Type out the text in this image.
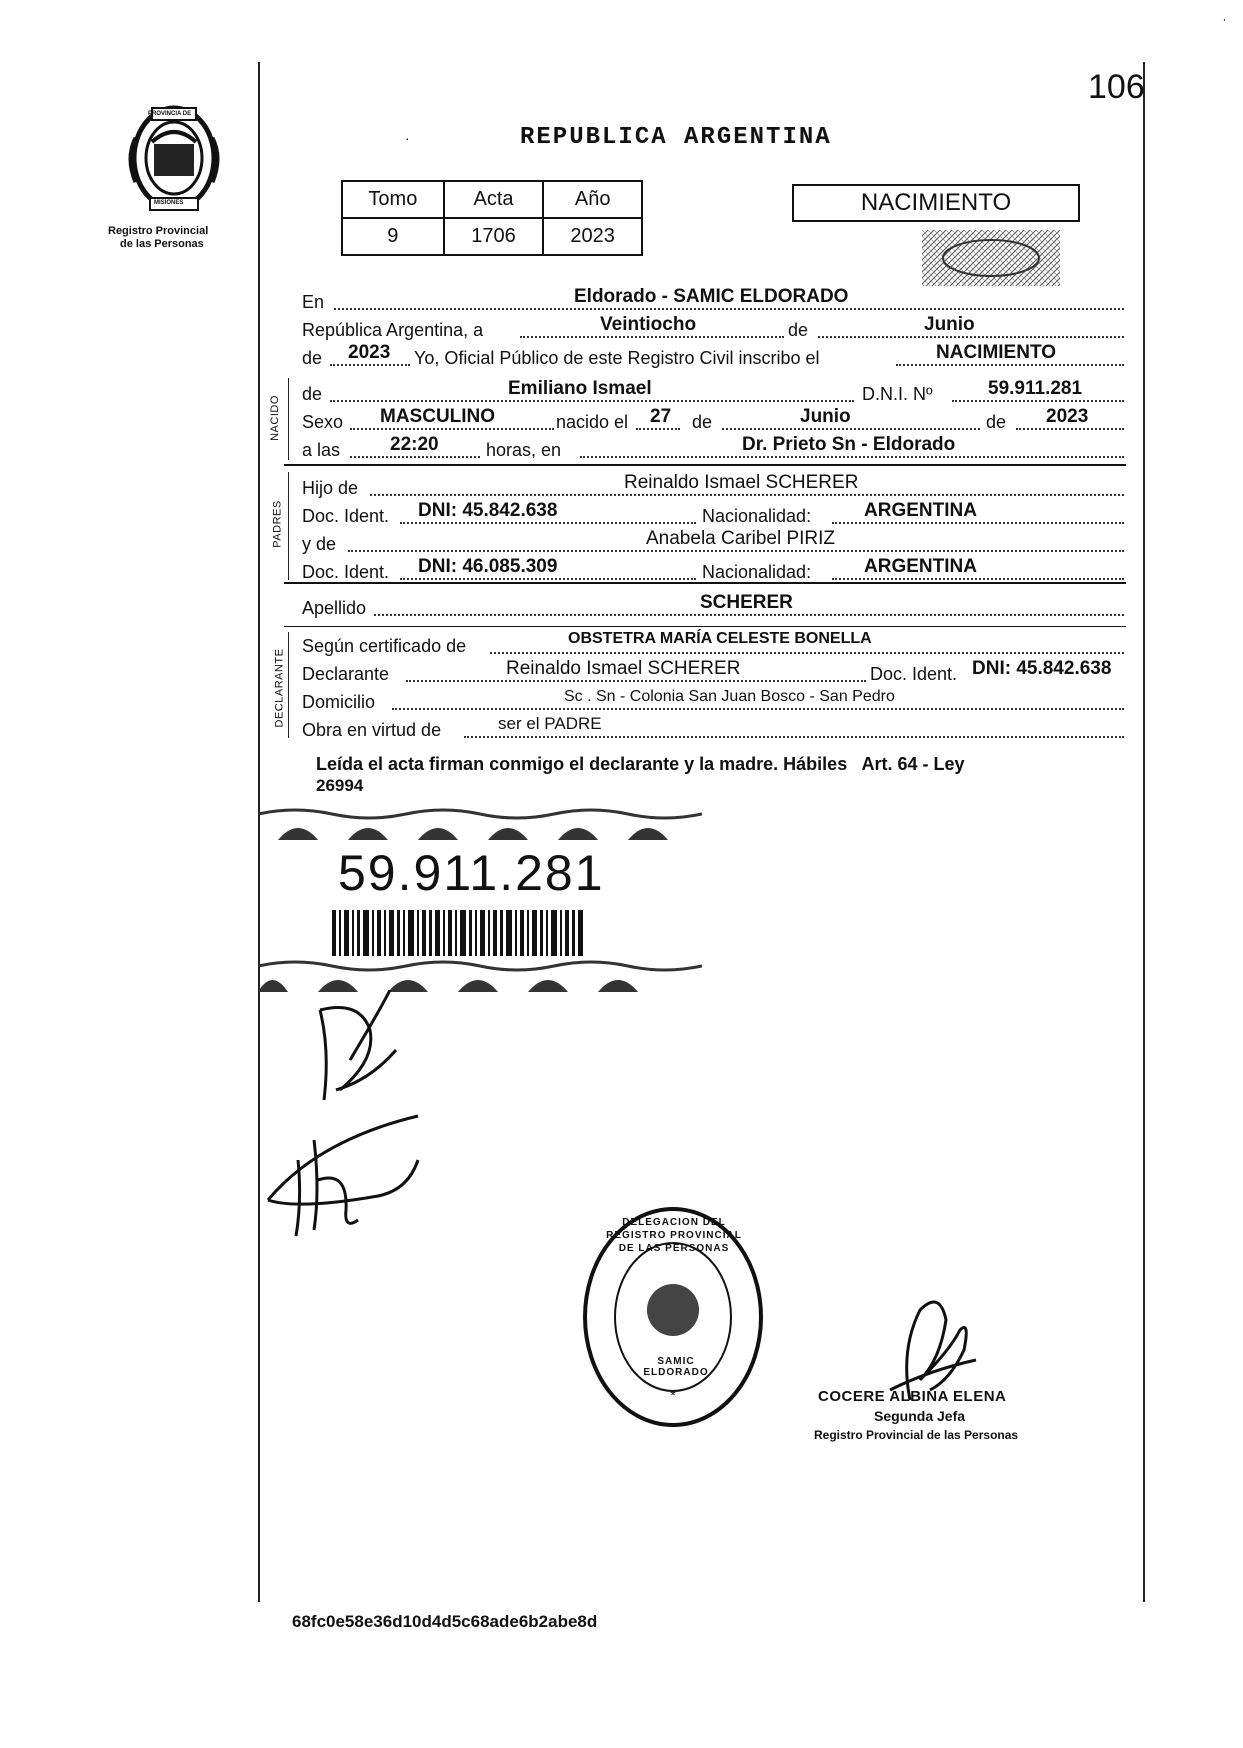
106
ˈ
PROVINCIA DE
MISIONES
Registro Provincial
de las Personas
REPUBLICA ARGENTINA
·
Tomo	Acta	Año
9	1706	2023
NACIMIENTO
En	Eldorado - SAMIC ELDORADO
República Argentina, a	Veintiocho	de	Junio
de 2023 Yo, Oficial Público de este Registro Civil inscribo el	NACIMIENTO
NACIDO
de	Emiliano Ismael	D.N.I. Nº	59.911.281
Sexo MASCULINO	nacido el 27 de	Junio	de 2023
a las	22:20	horas, en	Dr. Prieto Sn - Eldorado
PADRES
Hijo de	Reinaldo Ismael SCHERER
Doc. Ident. DNI: 45.842.638	Nacionalidad:	ARGENTINA
y de	Anabela Caribel PIRIZ
Doc. Ident. DNI: 46.085.309	Nacionalidad:	ARGENTINA
Apellido	SCHERER
DECLARANTE
Según certificado de	OBSTETRA MARÍA CELESTE BONELLA
Declarante	Reinaldo Ismael SCHERER	Doc. Ident. DNI: 45.842.638
Domicilio	Sc . Sn - Colonia San Juan Bosco - San Pedro
Obra en virtud de	ser el PADRE
Leída el acta firman conmigo el declarante y la madre. Hábiles   Art. 64 - Ley
26994
59.911.281
*
DELEGACION DEL REGISTRO PROVINCIAL DE LAS PERSONAS
SAMIC ELDORADO
COCERE ALBINA ELENA
Segunda Jefa
Registro Provincial de las Personas
68fc0e58e36d10d4d5c68ade6b2abe8d
